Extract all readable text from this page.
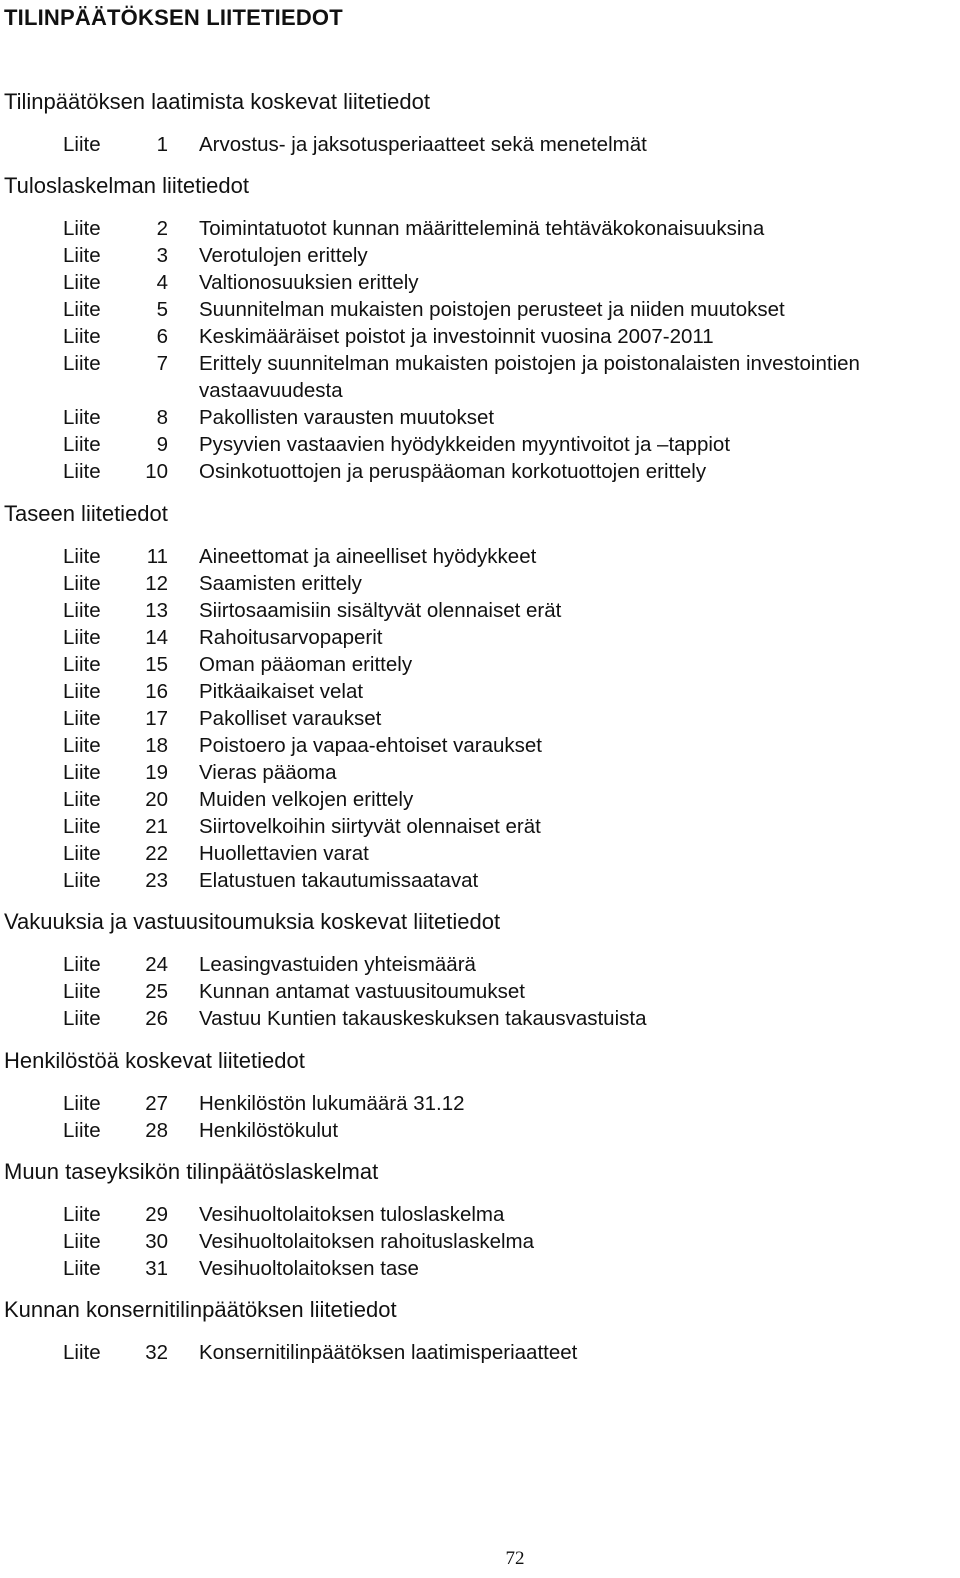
TILINPÄÄTÖKSEN LIITETIEDOT
Tilinpäätöksen laatimista koskevat liitetiedot
Liite	1 Arvostus- ja jaksotusperiaatteet sekä menetelmät
Tuloslaskelman liitetiedot
Liite	2 Toimintatuotot kunnan määritteleminä tehtäväkokonaisuuksina
Liite	3 Verotulojen erittely
Liite	4 Valtionosuuksien erittely
Liite	5 Suunnitelman mukaisten poistojen perusteet ja niiden muutokset
Liite	6 Keskimääräiset poistot ja investoinnit vuosina 2007-2011
Liite	7 Erittely suunnitelman mukaisten poistojen ja poistonalaisten investointien vastaavuudesta
Liite	8 Pakollisten varausten muutokset
Liite	9 Pysyvien vastaavien hyödykkeiden myyntivoitot ja –tappiot
Liite	10 Osinkotuottojen ja peruspääoman korkotuottojen erittely
Taseen liitetiedot
Liite	11 Aineettomat ja aineelliset hyödykkeet
Liite	12 Saamisten erittely
Liite	13 Siirtosaamisiin sisältyvät olennaiset erät
Liite	14 Rahoitusarvopaperit
Liite	15 Oman pääoman erittely
Liite	16 Pitkäaikaiset velat
Liite	17 Pakolliset varaukset
Liite	18 Poistoero ja vapaa-ehtoiset varaukset
Liite	19 Vieras pääoma
Liite	20 Muiden velkojen erittely
Liite	21 Siirtovelkoihin siirtyvät olennaiset erät
Liite	22 Huollettavien varat
Liite	23 Elatustuen takautumissaatavat
Vakuuksia ja vastuusitoumuksia koskevat liitetiedot
Liite	24 Leasingvastuiden yhteismäärä
Liite	25 Kunnan antamat vastuusitoumukset
Liite	26 Vastuu Kuntien takauskeskuksen takausvastuista
Henkilöstöä koskevat liitetiedot
Liite	27 Henkilöstön lukumäärä 31.12
Liite	28 Henkilöstökulut
Muun taseyksikön tilinpäätöslaskelmat
Liite	29 Vesihuoltolaitoksen tuloslaskelma
Liite	30 Vesihuoltolaitoksen rahoituslaskelma
Liite	31 Vesihuoltolaitoksen tase
Kunnan konsernitilinpäätöksen liitetiedot
Liite	32 Konsernitilinpäätöksen laatimisperiaatteet
72
